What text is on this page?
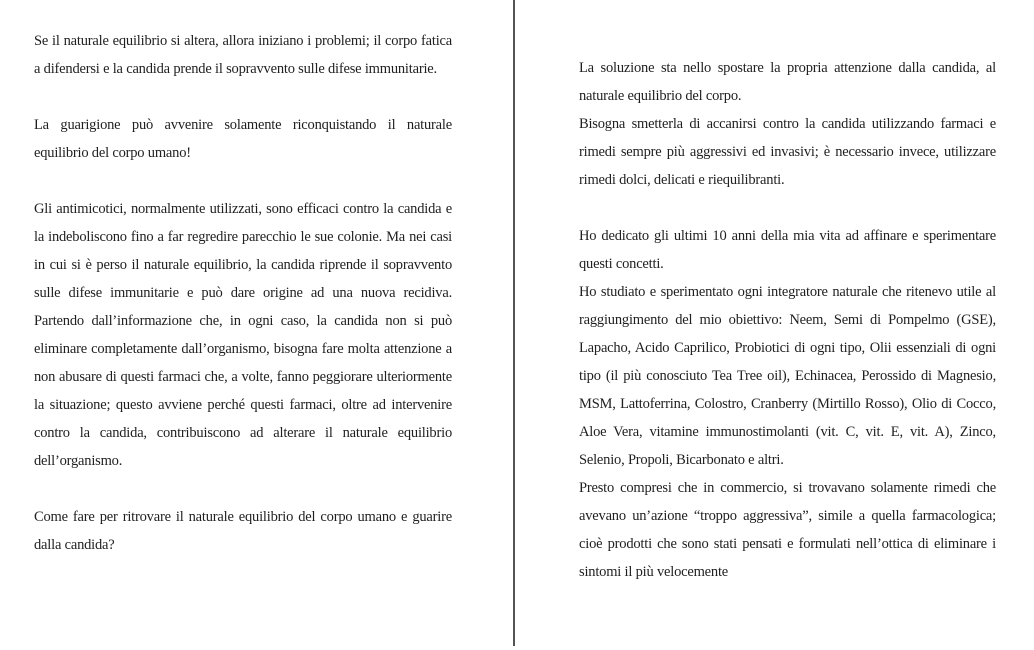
Se il naturale equilibrio si altera, allora iniziano i problemi; il corpo fatica a difendersi e la candida prende il sopravvento sulle difese immunitarie.

La guarigione può avvenire solamente riconquistando il naturale equilibrio del corpo umano!

Gli antimicotici, normalmente utilizzati, sono efficaci contro la candida e la indeboliscono fino a far regredire parecchio le sue colonie. Ma nei casi in cui si è perso il naturale equilibrio, la candida riprende il sopravvento sulle difese immunitarie e può dare origine ad una nuova recidiva. Partendo dall’informazione che, in ogni caso, la candida non si può eliminare completamente dall’organismo, bisogna fare molta attenzione a non abusare di questi farmaci che, a volte, fanno peggiorare ulteriormente la situazione; questo avviene perché questi farmaci, oltre ad intervenire contro la candida, contribuiscono ad alterare il naturale equilibrio dell’organismo.

Come fare per ritrovare il naturale equilibrio del corpo umano e guarire dalla candida?

La soluzione sta nello spostare la propria attenzione dalla candida, al naturale equilibrio del corpo.

Bisogna smetterla di accanirsi contro la candida utilizzando farmaci e rimedi sempre più aggressivi ed invasivi; è necessario invece, utilizzare rimedi dolci, delicati e riequilibranti.

Ho dedicato gli ultimi 10 anni della mia vita ad affinare e sperimentare questi concetti.

Ho studiato e sperimentato ogni integratore naturale che ritenevo utile al raggiungimento del mio obiettivo: Neem, Semi di Pompelmo (GSE), Lapacho, Acido Caprilico, Probiotici di ogni tipo, Olii essenziali di ogni tipo (il più conosciuto Tea Tree oil), Echinacea, Perossido di Magnesio, MSM, Lattoferrina, Colostro, Cranberry (Mirtillo Rosso), Olio di Cocco, Aloe Vera, vitamine immunostimolanti (vit. C, vit. E, vit. A), Zinco, Selenio, Propoli, Bicarbonato e altri.

Presto compresi che in commercio, si trovavano solamente rimedi che avevano un’azione “troppo aggressiva”, simile a quella farmacologica; cioè prodotti che sono stati pensati e formulati nell’ottica di eliminare i sintomi il più velocemente
